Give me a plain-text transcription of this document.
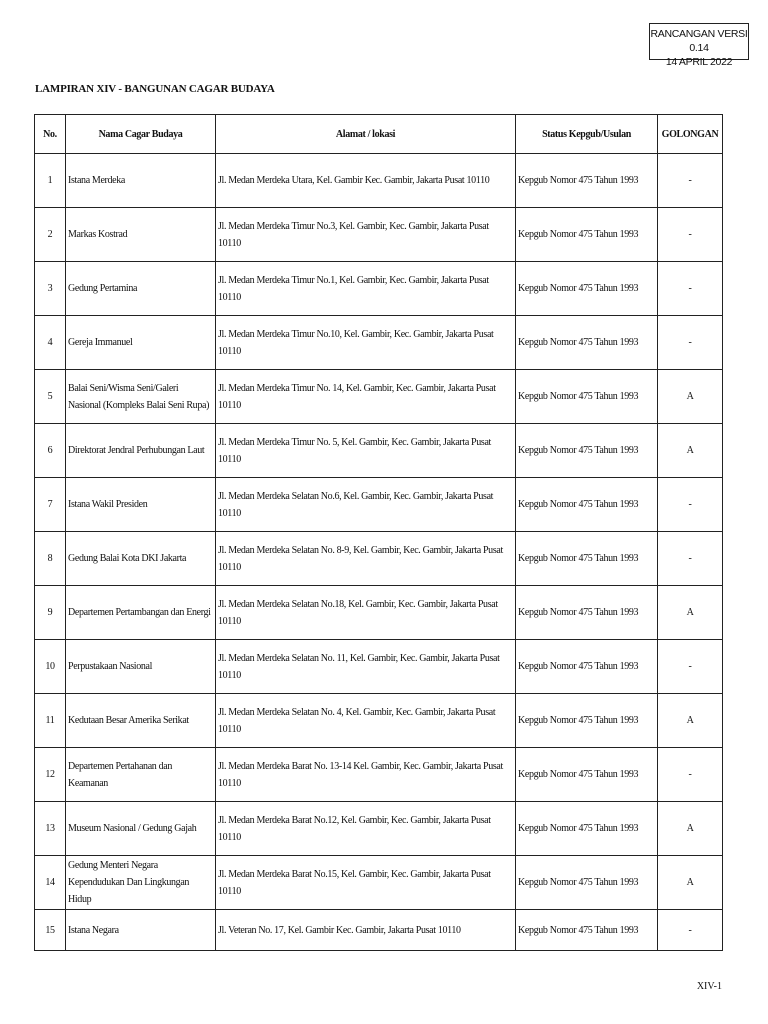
RANCANGAN VERSI 0.14
14 APRIL 2022
LAMPIRAN XIV - BANGUNAN CAGAR BUDAYA
No.	Nama Cagar Budaya	Alamat / lokasi	Status Kepgub/Usulan	GOLONGAN
1	Istana Merdeka	Jl. Medan Merdeka Utara, Kel. Gambir Kec. Gambir, Jakarta Pusat 10110	Kepgub Nomor 475 Tahun 1993	-
2	Markas Kostrad	Jl. Medan Merdeka Timur No.3, Kel. Gambir, Kec. Gambir, Jakarta Pusat 10110	Kepgub Nomor 475 Tahun 1993	-
3	Gedung Pertamina	Jl. Medan Merdeka Timur No.1, Kel. Gambir, Kec. Gambir, Jakarta Pusat 10110	Kepgub Nomor 475 Tahun 1993	-
4	Gereja Immanuel	Jl. Medan Merdeka Timur No.10, Kel. Gambir, Kec. Gambir, Jakarta Pusat 10110	Kepgub Nomor 475 Tahun 1993	-
5	Balai Seni/Wisma Seni/Galeri Nasional (Kompleks Balai Seni Rupa)	Jl. Medan Merdeka Timur No. 14, Kel. Gambir, Kec. Gambir, Jakarta Pusat 10110	Kepgub Nomor 475 Tahun 1993	A
6	Direktorat Jendral Perhubungan Laut	Jl. Medan Merdeka Timur No. 5, Kel. Gambir, Kec. Gambir, Jakarta Pusat 10110	Kepgub Nomor 475 Tahun 1993	A
7	Istana Wakil Presiden	Jl. Medan Merdeka Selatan No.6, Kel. Gambir, Kec. Gambir, Jakarta Pusat 10110	Kepgub Nomor 475 Tahun 1993	-
8	Gedung Balai Kota DKI Jakarta	Jl. Medan Merdeka Selatan No. 8-9, Kel. Gambir, Kec. Gambir, Jakarta Pusat 10110	Kepgub Nomor 475 Tahun 1993	-
9	Departemen Pertambangan dan Energi	Jl. Medan Merdeka Selatan No.18, Kel. Gambir, Kec. Gambir, Jakarta Pusat 10110	Kepgub Nomor 475 Tahun 1993	A
10	Perpustakaan Nasional	Jl. Medan Merdeka Selatan No. 11, Kel. Gambir, Kec. Gambir, Jakarta Pusat 10110	Kepgub Nomor 475 Tahun 1993	-
11	Kedutaan Besar Amerika Serikat	Jl. Medan Merdeka Selatan No. 4, Kel. Gambir, Kec. Gambir, Jakarta Pusat 10110	Kepgub Nomor 475 Tahun 1993	A
12	Departemen Pertahanan dan Keamanan	Jl. Medan Merdeka Barat No. 13-14 Kel. Gambir, Kec. Gambir, Jakarta Pusat 10110	Kepgub Nomor 475 Tahun 1993	-
13	Museum Nasional / Gedung Gajah	Jl. Medan Merdeka Barat No.12, Kel. Gambir, Kec. Gambir, Jakarta Pusat 10110	Kepgub Nomor 475 Tahun 1993	A
14	Gedung Menteri Negara Kependudukan Dan Lingkungan Hidup	Jl. Medan Merdeka Barat No.15, Kel. Gambir, Kec. Gambir, Jakarta Pusat 10110	Kepgub Nomor 475 Tahun 1993	A
15	Istana Negara	Jl. Veteran No. 17, Kel. Gambir Kec. Gambir, Jakarta Pusat 10110	Kepgub Nomor 475 Tahun 1993	-
XIV-1
